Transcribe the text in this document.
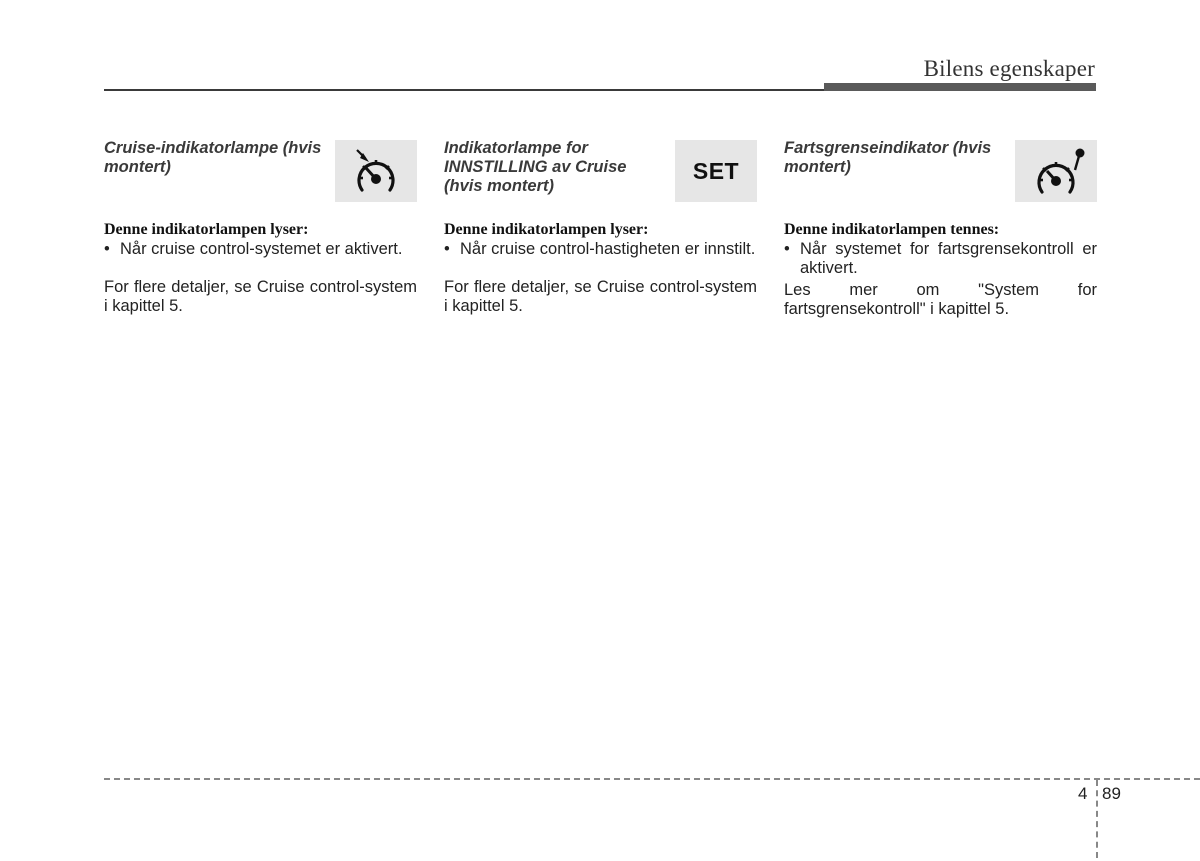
Bilens egenskaper
Cruise-indikatorlampe (hvis montert)
Denne indikatorlampen lyser:
• Når cruise control-systemet er aktivert.
For flere detaljer, se Cruise control-system i kapittel 5.
Indikatorlampe for INNSTILLING av Cruise (hvis montert)
SET
Denne indikatorlampen lyser:
• Når cruise control-hastigheten er innstilt.
For flere detaljer, se Cruise control-system i kapittel 5.
Fartsgrenseindikator (hvis montert)
Denne indikatorlampen tennes:
• Når systemet for fartsgrensekontroll er aktivert.
Les mer om "System for fartsgrensekontroll" i kapittel 5.
4 89
